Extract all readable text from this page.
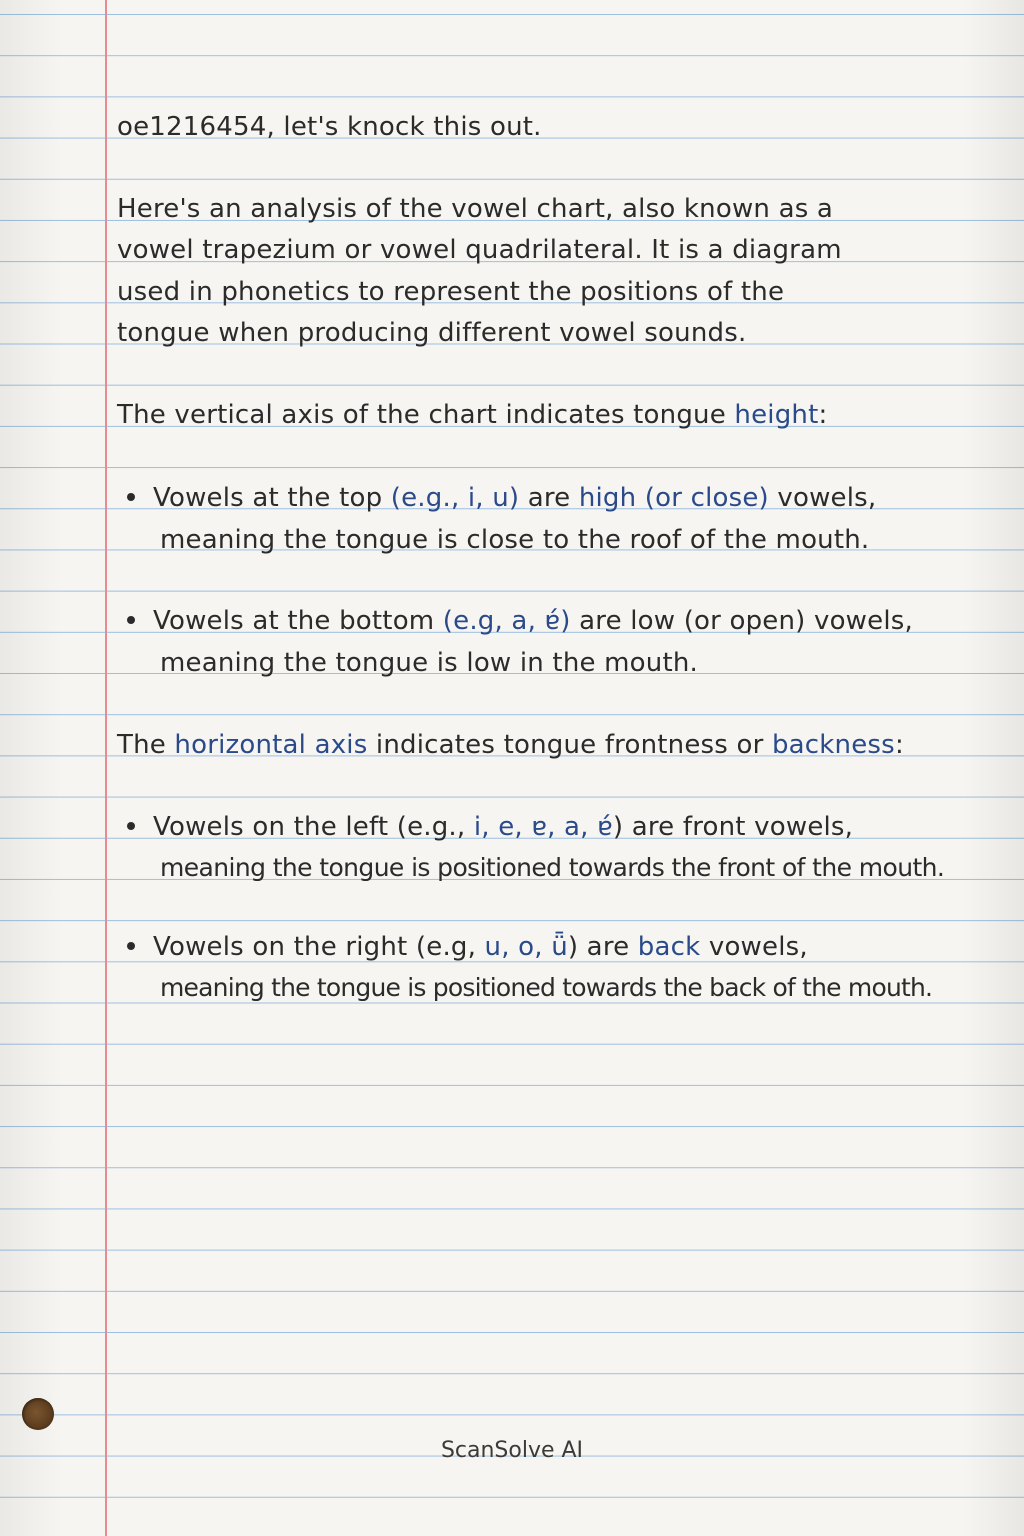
oe1216454, let's knock this out.
Here's an analysis of the vowel chart, also known as a
vowel trapezium or vowel quadrilateral. It is a diagram
used in phonetics to represent the positions of the
tongue when producing different vowel sounds.
The vertical axis of the chart indicates tongue height:
Vowels at the top (e.g., i, u) are high (or close) vowels,
meaning the tongue is close to the roof of the mouth.
Vowels at the bottom (e.g, a, ɐ́) are low (or open) vowels,
meaning the tongue is low in the mouth.
The horizontal axis indicates tongue frontness or backness:
Vowels on the left (e.g., i, e, ɐ, a, ɐ́) are front vowels,
meaning the tongue is positioned towards the front of the mouth.
Vowels on the right (e.g, u, o, ǖ) are back vowels,
meaning the tongue is positioned towards the back of the mouth.
ScanSolve AI
